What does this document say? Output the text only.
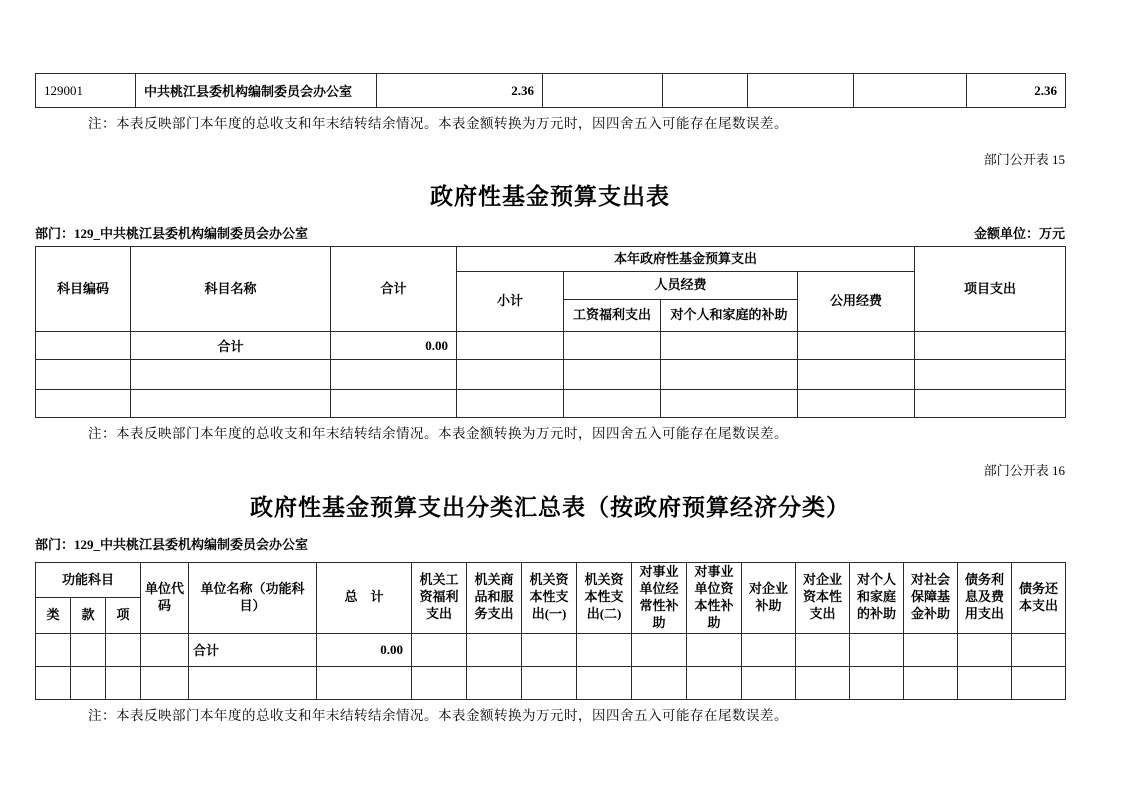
129001	中共桃江县委机构编制委员会办公室	2.36					2.36
注：本表反映部门本年度的总收支和年末结转结余情况。本表金额转换为万元时，因四舍五入可能存在尾数误差。
部门公开表 15
政府性基金预算支出表
部门：129_中共桃江县委机构编制委员会办公室	金额单位：万元
科目编码	科目名称	合计	本年政府性基金预算支出				项目支出
			小计	人员经费		公用经费	
				工资福利支出	对个人和家庭的补助		
	合计	0.00					

注：本表反映部门本年度的总收支和年末结转结余情况。本表金额转换为万元时，因四舍五入可能存在尾数误差。
部门公开表 16
政府性基金预算支出分类汇总表（按政府预算经济分类）
部门：129_中共桃江县委机构编制委员会办公室
功能科目			单位代码	单位名称（功能科目）	总　计	机关工资福利支出	机关商品和服务支出	机关资本性支出(一)	机关资本性支出(二)	对事业单位经常性补助	对事业单位资本性补助	对企业补助	对企业资本性支出	对个人和家庭的补助	对社会保障基金补助	债务利息及费用支出	债务还本支出
类	款	项															
				合计	0.00												

注：本表反映部门本年度的总收支和年末结转结余情况。本表金额转换为万元时，因四舍五入可能存在尾数误差。
